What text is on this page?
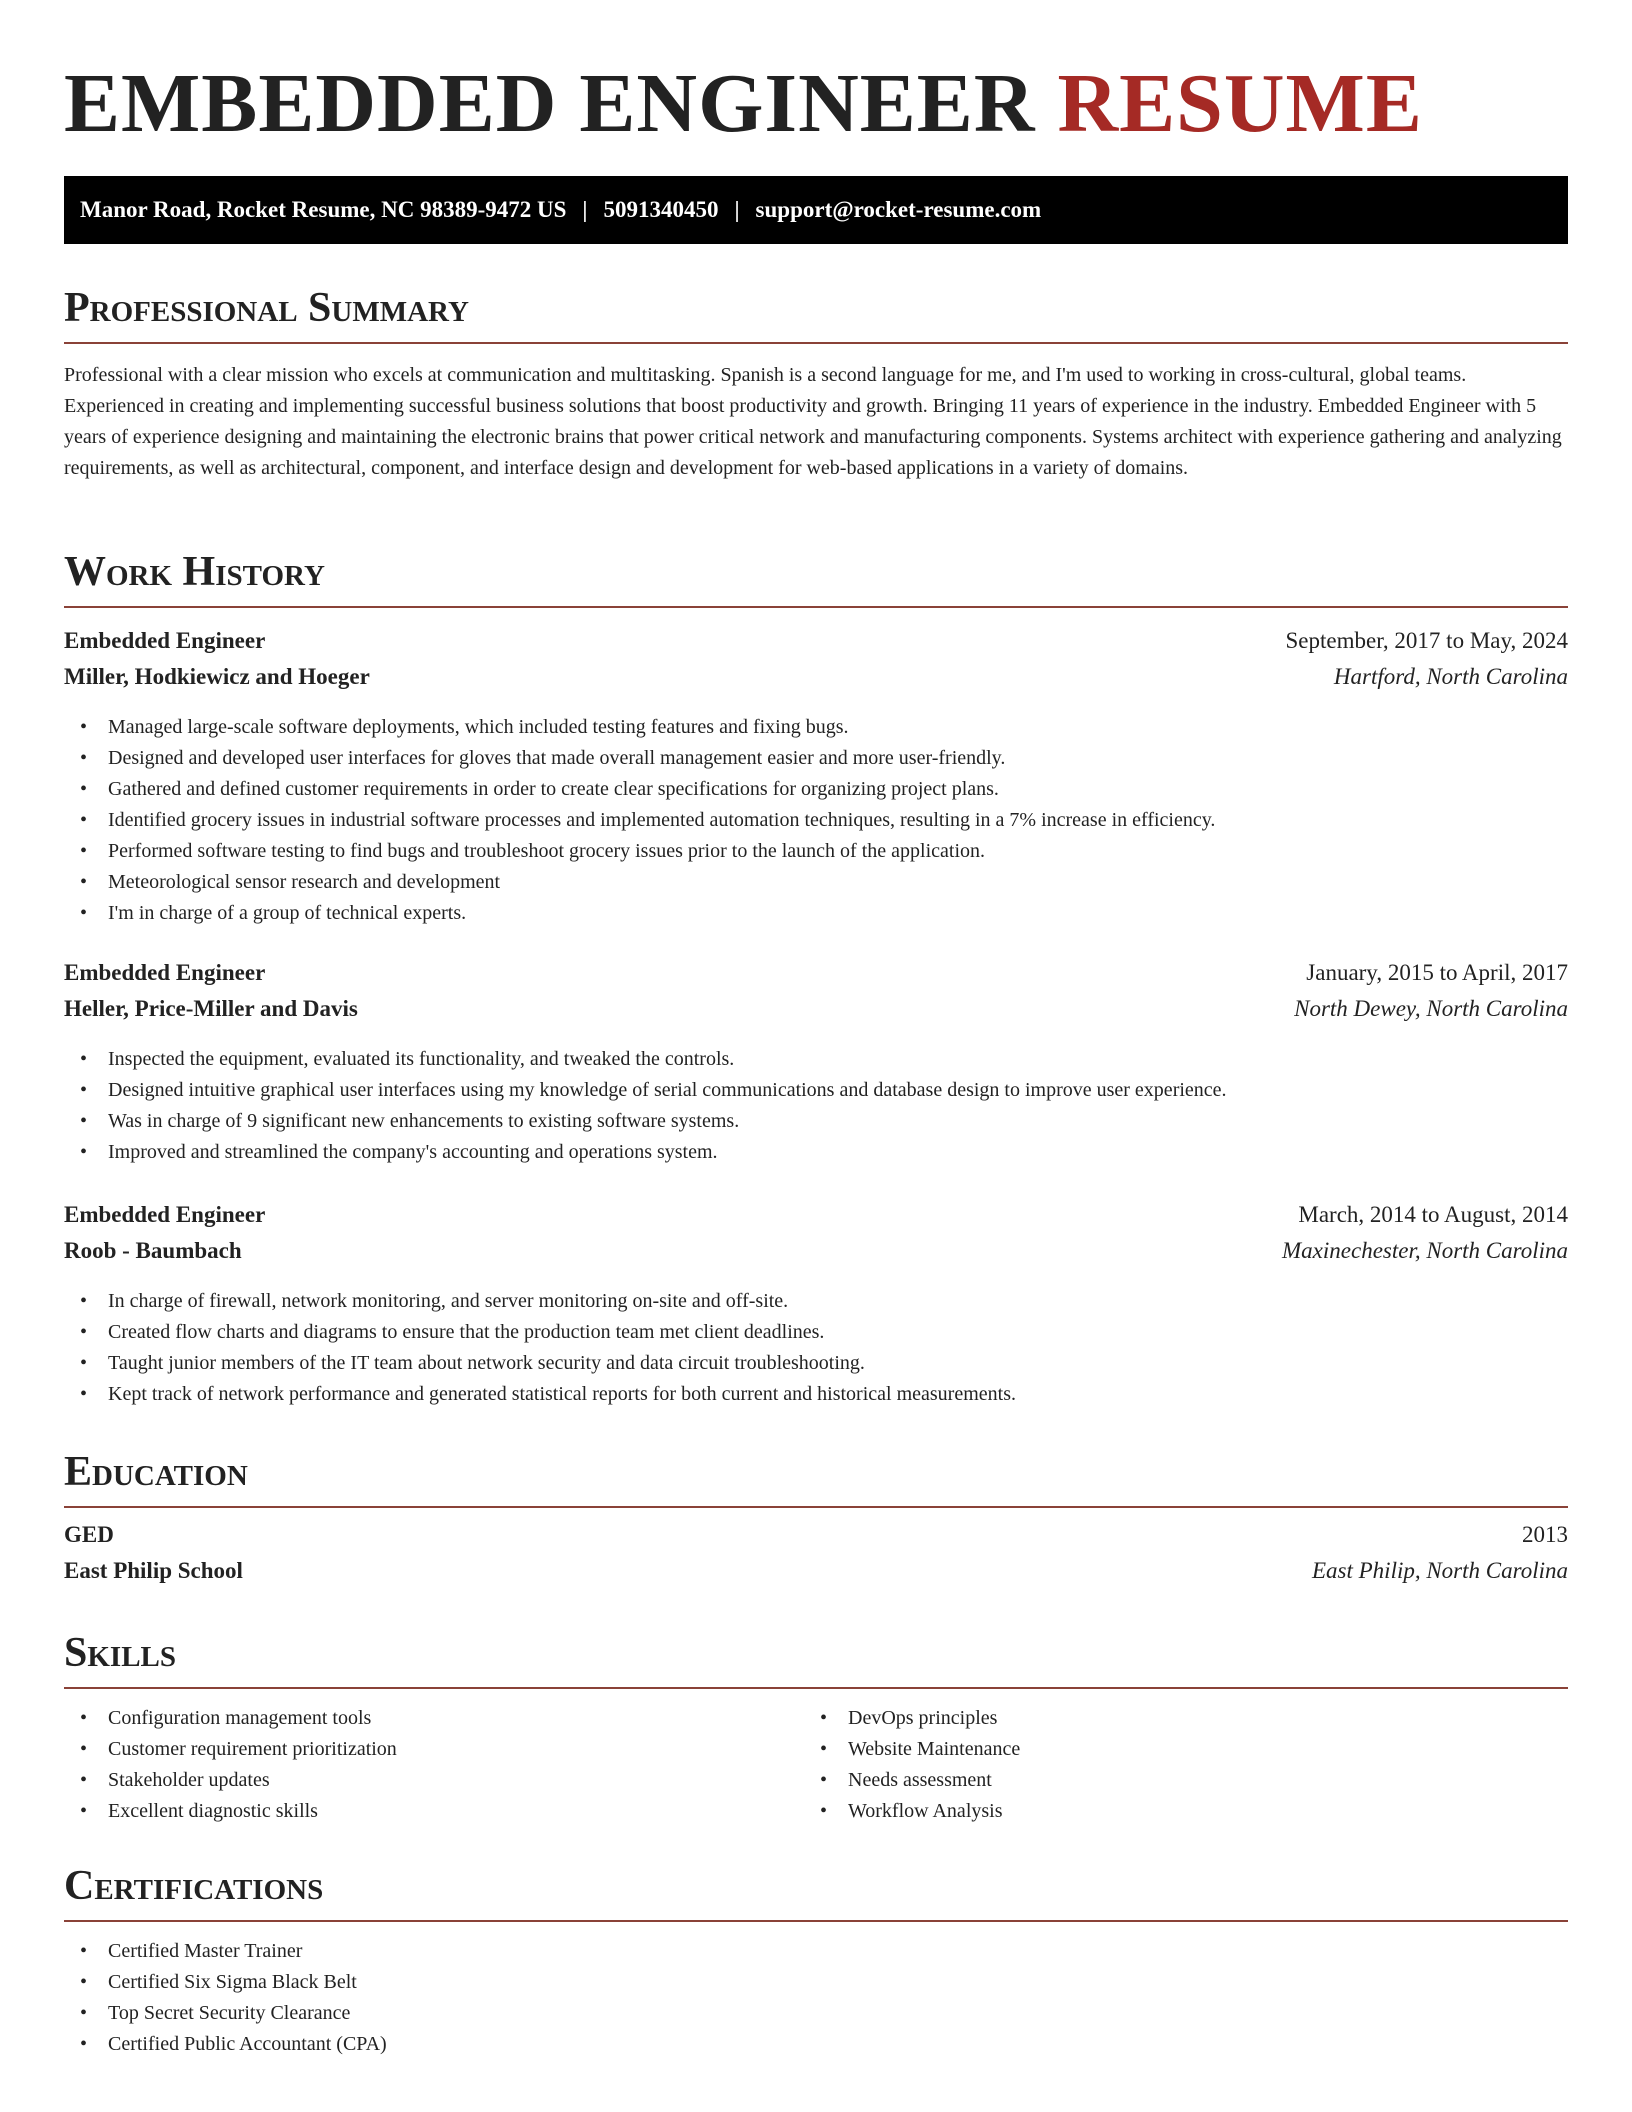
EMBEDDED ENGINEER RESUME
Manor Road, Rocket Resume, NC 98389-9472 US | 5091340450 | support@rocket-resume.com
Professional Summary

Professional with a clear mission who excels at communication and multitasking. Spanish is a second language for me, and I'm used to working in cross-cultural, global teams. Experienced in creating and implementing successful business solutions that boost productivity and growth. Bringing 11 years of experience in the industry. Embedded Engineer with 5 years of experience designing and maintaining the electronic brains that power critical network and manufacturing components. Systems architect with experience gathering and analyzing requirements, as well as architectural, component, and interface design and development for web-based applications in a variety of domains.

Work History
Embedded Engineer	September, 2017 to May, 2024
Miller, Hodkiewicz and Hoeger	Hartford, North Carolina
• Managed large-scale software deployments, which included testing features and fixing bugs.
• Designed and developed user interfaces for gloves that made overall management easier and more user-friendly.
• Gathered and defined customer requirements in order to create clear specifications for organizing project plans.
• Identified grocery issues in industrial software processes and implemented automation techniques, resulting in a 7% increase in efficiency.
• Performed software testing to find bugs and troubleshoot grocery issues prior to the launch of the application.
• Meteorological sensor research and development
• I'm in charge of a group of technical experts.
Embedded Engineer	January, 2015 to April, 2017
Heller, Price-Miller and Davis	North Dewey, North Carolina
• Inspected the equipment, evaluated its functionality, and tweaked the controls.
• Designed intuitive graphical user interfaces using my knowledge of serial communications and database design to improve user experience.
• Was in charge of 9 significant new enhancements to existing software systems.
• Improved and streamlined the company's accounting and operations system.
Embedded Engineer	March, 2014 to August, 2014
Roob - Baumbach	Maxinechester, North Carolina
• In charge of firewall, network monitoring, and server monitoring on-site and off-site.
• Created flow charts and diagrams to ensure that the production team met client deadlines.
• Taught junior members of the IT team about network security and data circuit troubleshooting.
• Kept track of network performance and generated statistical reports for both current and historical measurements.
Education
GED	2013
East Philip School	East Philip, North Carolina
Skills
• Configuration management tools
• Customer requirement prioritization
• Stakeholder updates
• Excellent diagnostic skills
• DevOps principles
• Website Maintenance
• Needs assessment
• Workflow Analysis
Certifications
• Certified Master Trainer
• Certified Six Sigma Black Belt
• Top Secret Security Clearance
• Certified Public Accountant (CPA)
